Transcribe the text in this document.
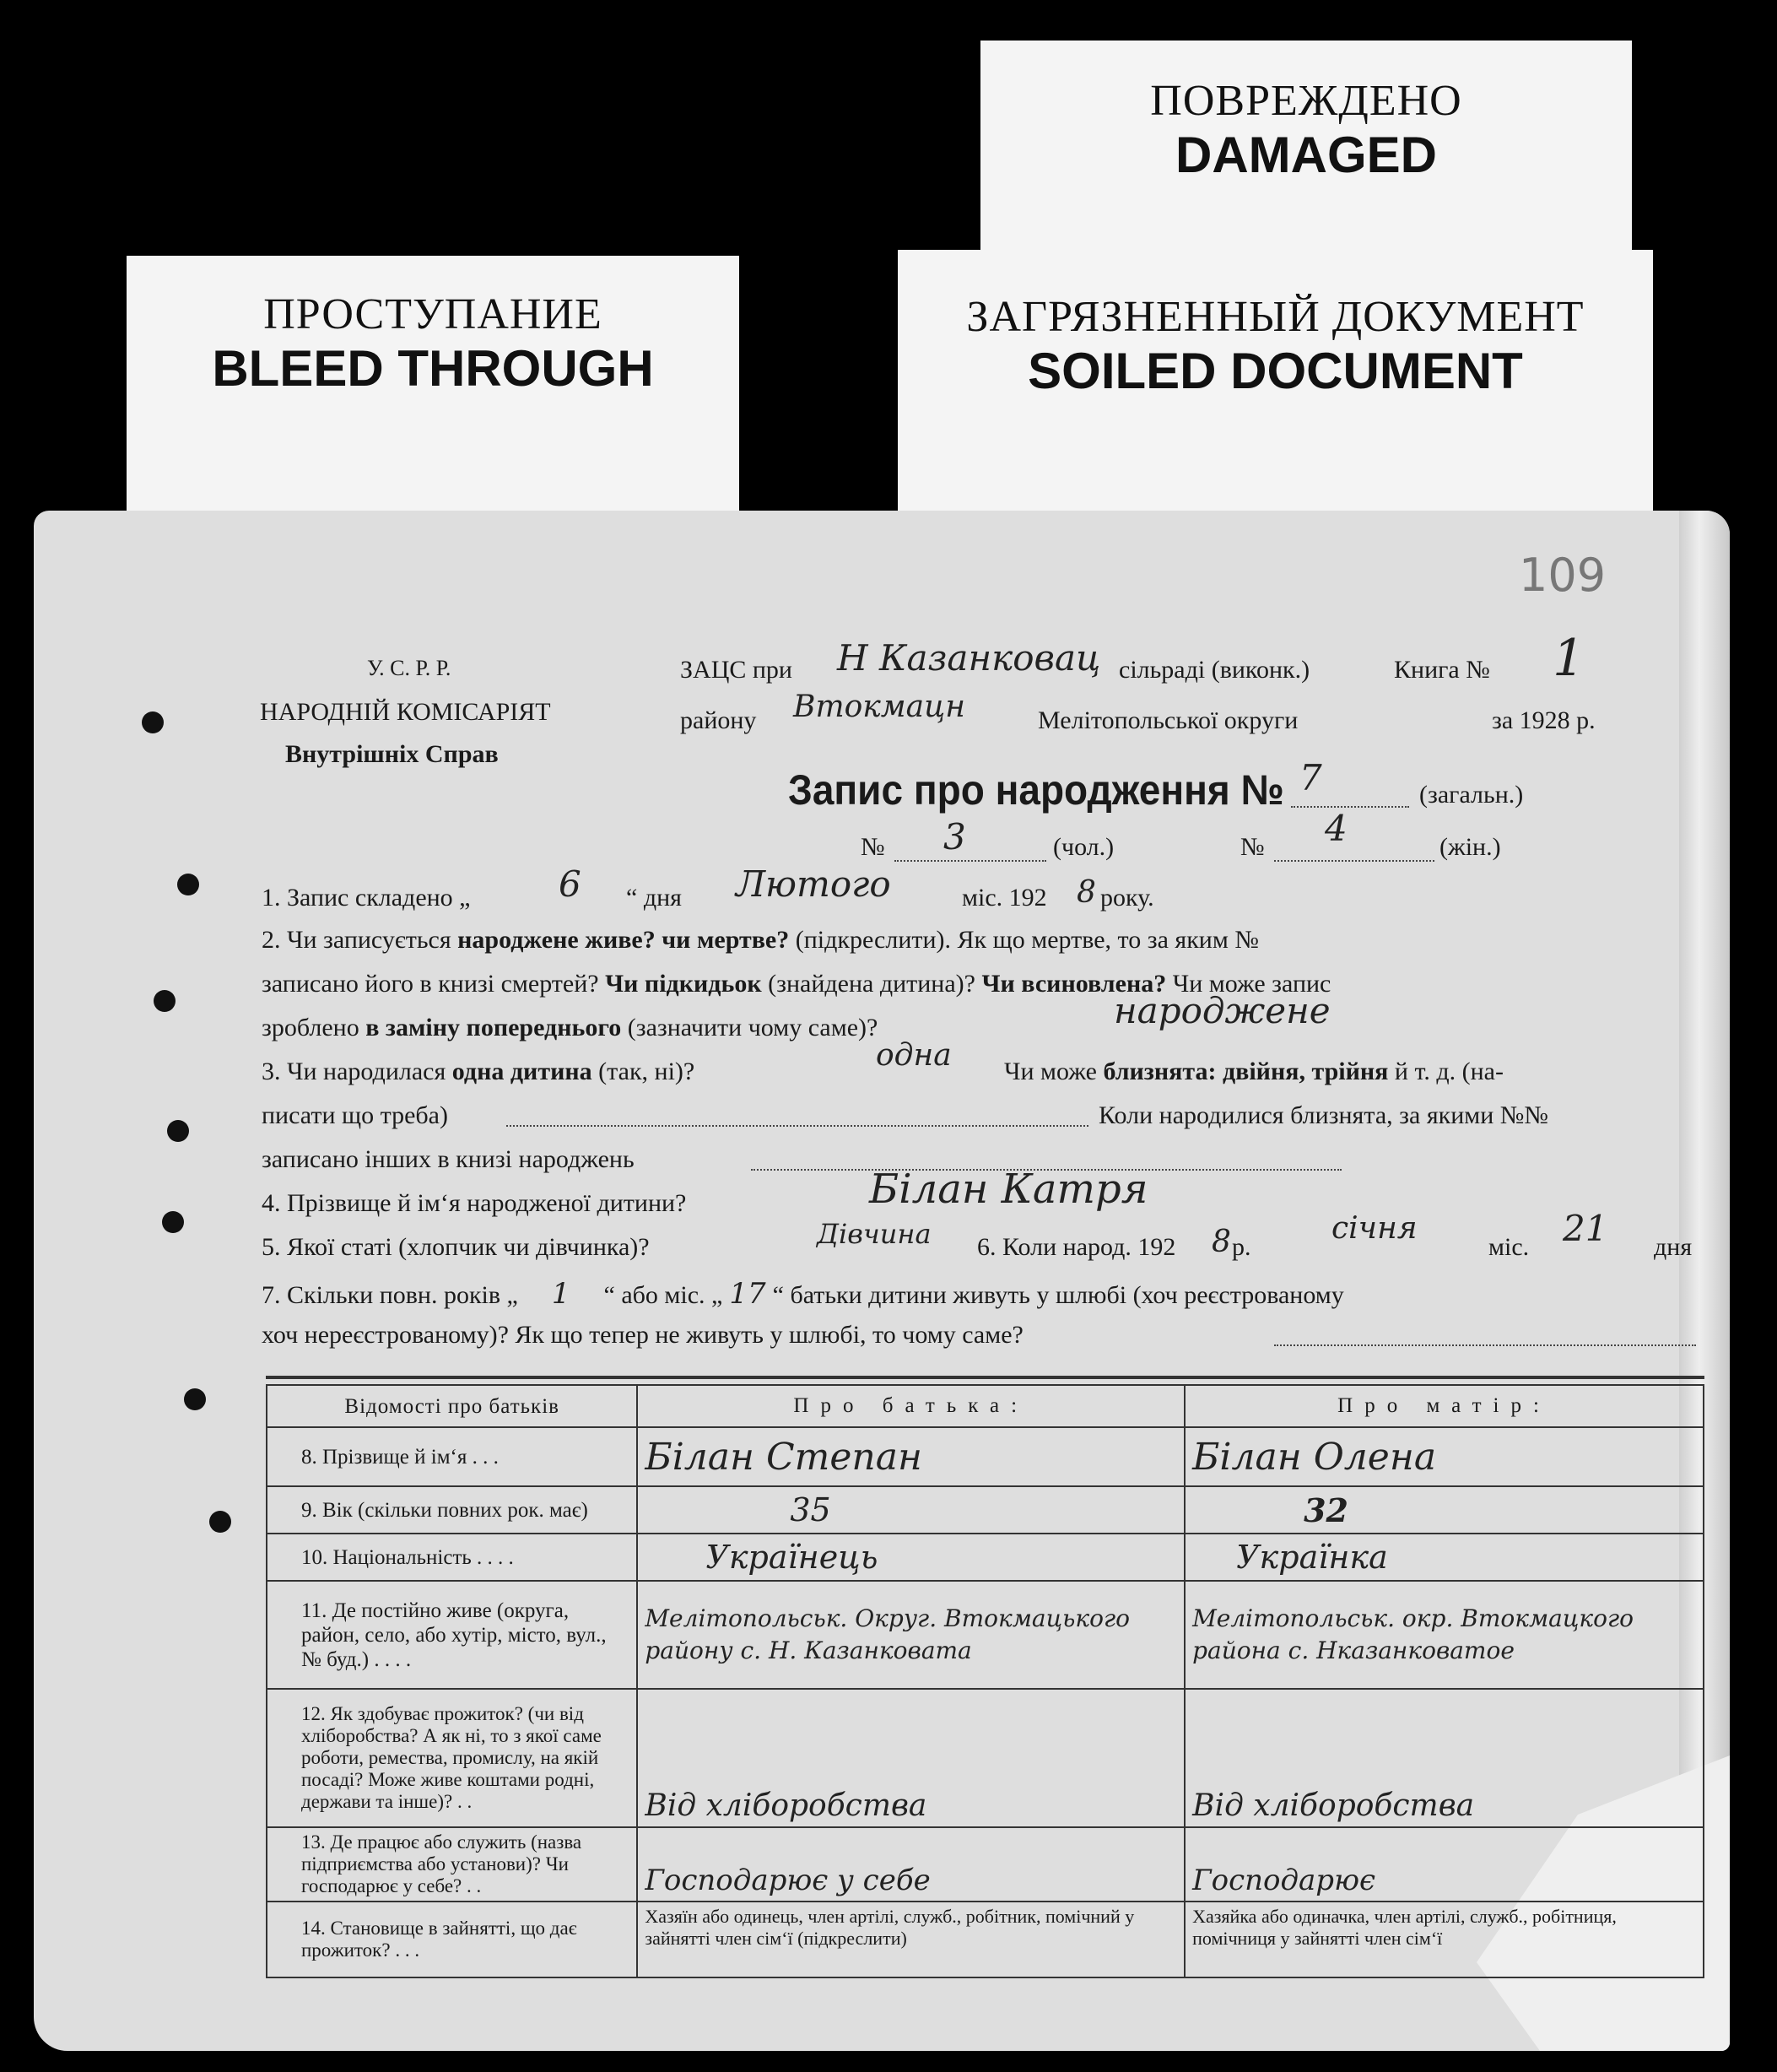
ПОВРЕЖДЕНО
DAMAGED
ПРОСТУПАНИЕ
BLEED THROUGH
ЗАГРЯЗНЕННЫЙ ДОКУМЕНТ
SOILED DOCUMENT
109
У. С. Р. Р.
НАРОДНІЙ КОМІСАРІЯТ
Внутрішніх Справ
ЗАЦС при Н Казанковац сільраді (виконк.)	Книга № 1
району Втокмацн	Мелітопольської округи	за 1928 р.
Запис про народження № 7	(загальн.)
№ 3	(чол.)	№ 4	(жін.)
1. Запис складено „ 6 “ дня Лютого	міс. 192 8 року.
2. Чи записується народжене живе? чи мертве? (підкреслити). Як що мертве, то за яким №
записано його в книзі смертей? Чи підкидьок (знайдена дитина)? Чи всиновлена? Чи може запис
зроблено в заміну попереднього (зазначити чому саме)?	народжене
3. Чи народилася одна дитина (так, ні)?	одна Чи може близнята: двійня, трійня й т. д. (на-
писати що треба)	Коли народилися близнята, за якими №№
записано інших в книзі народжень
4. Прізвище й ім‘я народженої дитини?	Білан Катря
5. Якої статі (хлопчик чи дівчинка)?	Дівчина 6. Коли народ. 192 8 р.
січня
міс. 21 дня
7. Скільки повн. років „ 1 “ або міс. „ 17 “ батьки дитини живуть у шлюбі (хоч реєстрованому
хоч нереєстрованому)? Як що тепер не живуть у шлюбі, то чому саме?
Відомості про батьків	Про батька:	Про матір:
8. Прізвище й ім‘я . . .	Білан Степан	Білан Олена
9. Вік (скільки повних рок. має)	35	32
10. Національність . . . .	Українець	Українка
11. Де постійно живе (округа, район, село, або хутір, місто, вул., № буд.) . . . .	Мелітопольськ. Округ. Втокмацького району с. Н. Казанковата	Мелітопольськ. окр. Втокмацкого района с. Нказанковатое
12. Як здобуває прожиток? (чи від хліборобства? А як ні, то з якої саме роботи, ремества, промислу, на якій посаді? Може живе коштами родні, держави та інше)? . .	Від хліборобства	Від хліборобства
13. Де працює або служить (назва підприємства або установи)? Чи господарює у себе? . .	Господарює у себе	Господарює
14. Становище в зайнятті, що дає прожиток? . . .	Хазяїн або одинець, член артілі, служб., робітник, помічний у зайнятті член сім‘ї (підкреслити)	Хазяйка або одиначка, член артілі, служб., робітниця, помічниця у зайнятті член сім‘ї
